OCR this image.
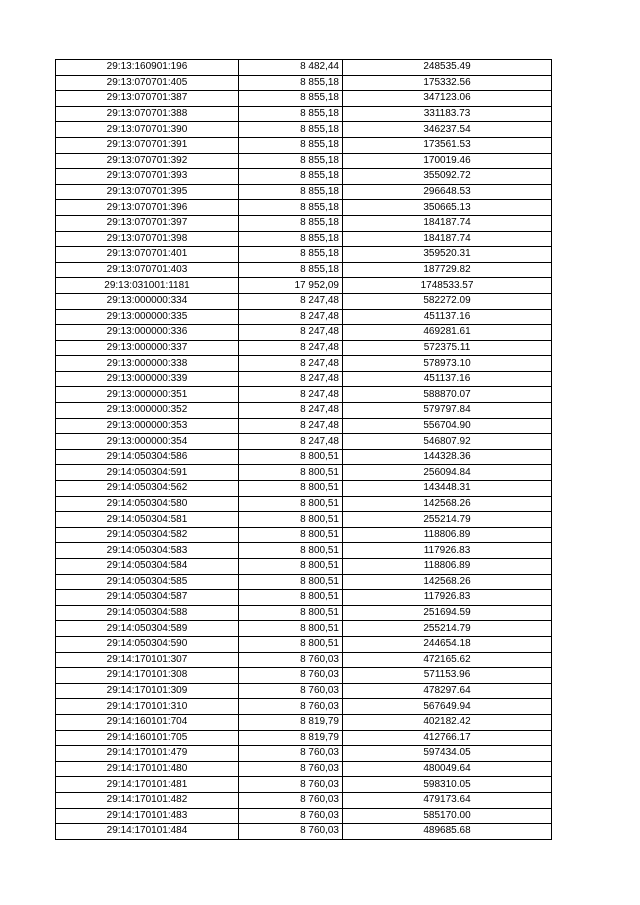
29:13:160901:196	8 482,44	248535.49
29:13:070701:405	8 855,18	175332.56
29:13:070701:387	8 855,18	347123.06
29:13:070701:388	8 855,18	331183.73
29:13:070701:390	8 855,18	346237.54
29:13:070701:391	8 855,18	173561.53
29:13:070701:392	8 855,18	170019.46
29:13:070701:393	8 855,18	355092.72
29:13:070701:395	8 855,18	296648.53
29:13:070701:396	8 855,18	350665.13
29:13:070701:397	8 855,18	184187.74
29:13:070701:398	8 855,18	184187.74
29:13:070701:401	8 855,18	359520.31
29:13:070701:403	8 855,18	187729.82
29:13:031001:1181	17 952,09	1748533.57
29:13:000000:334	8 247,48	582272.09
29:13:000000:335	8 247,48	451137.16
29:13:000000:336	8 247,48	469281.61
29:13:000000:337	8 247,48	572375.11
29:13:000000:338	8 247,48	578973.10
29:13:000000:339	8 247,48	451137.16
29:13:000000:351	8 247,48	588870.07
29:13:000000:352	8 247,48	579797.84
29:13:000000:353	8 247,48	556704.90
29:13:000000:354	8 247,48	546807.92
29:14:050304:586	8 800,51	144328.36
29:14:050304:591	8 800,51	256094.84
29:14:050304:562	8 800,51	143448.31
29:14:050304:580	8 800,51	142568.26
29:14:050304:581	8 800,51	255214.79
29:14:050304:582	8 800,51	118806.89
29:14:050304:583	8 800,51	117926.83
29:14:050304:584	8 800,51	118806.89
29:14:050304:585	8 800,51	142568.26
29:14:050304:587	8 800,51	117926.83
29:14:050304:588	8 800,51	251694.59
29:14:050304:589	8 800,51	255214.79
29:14:050304:590	8 800,51	244654.18
29:14:170101:307	8 760,03	472165.62
29:14:170101:308	8 760,03	571153.96
29:14:170101:309	8 760,03	478297.64
29:14:170101:310	8 760,03	567649.94
29:14:160101:704	8 819,79	402182.42
29:14:160101:705	8 819,79	412766.17
29:14:170101:479	8 760,03	597434.05
29:14:170101:480	8 760,03	480049.64
29:14:170101:481	8 760,03	598310.05
29:14:170101:482	8 760,03	479173.64
29:14:170101:483	8 760,03	585170.00
29:14:170101:484	8 760,03	489685.68
